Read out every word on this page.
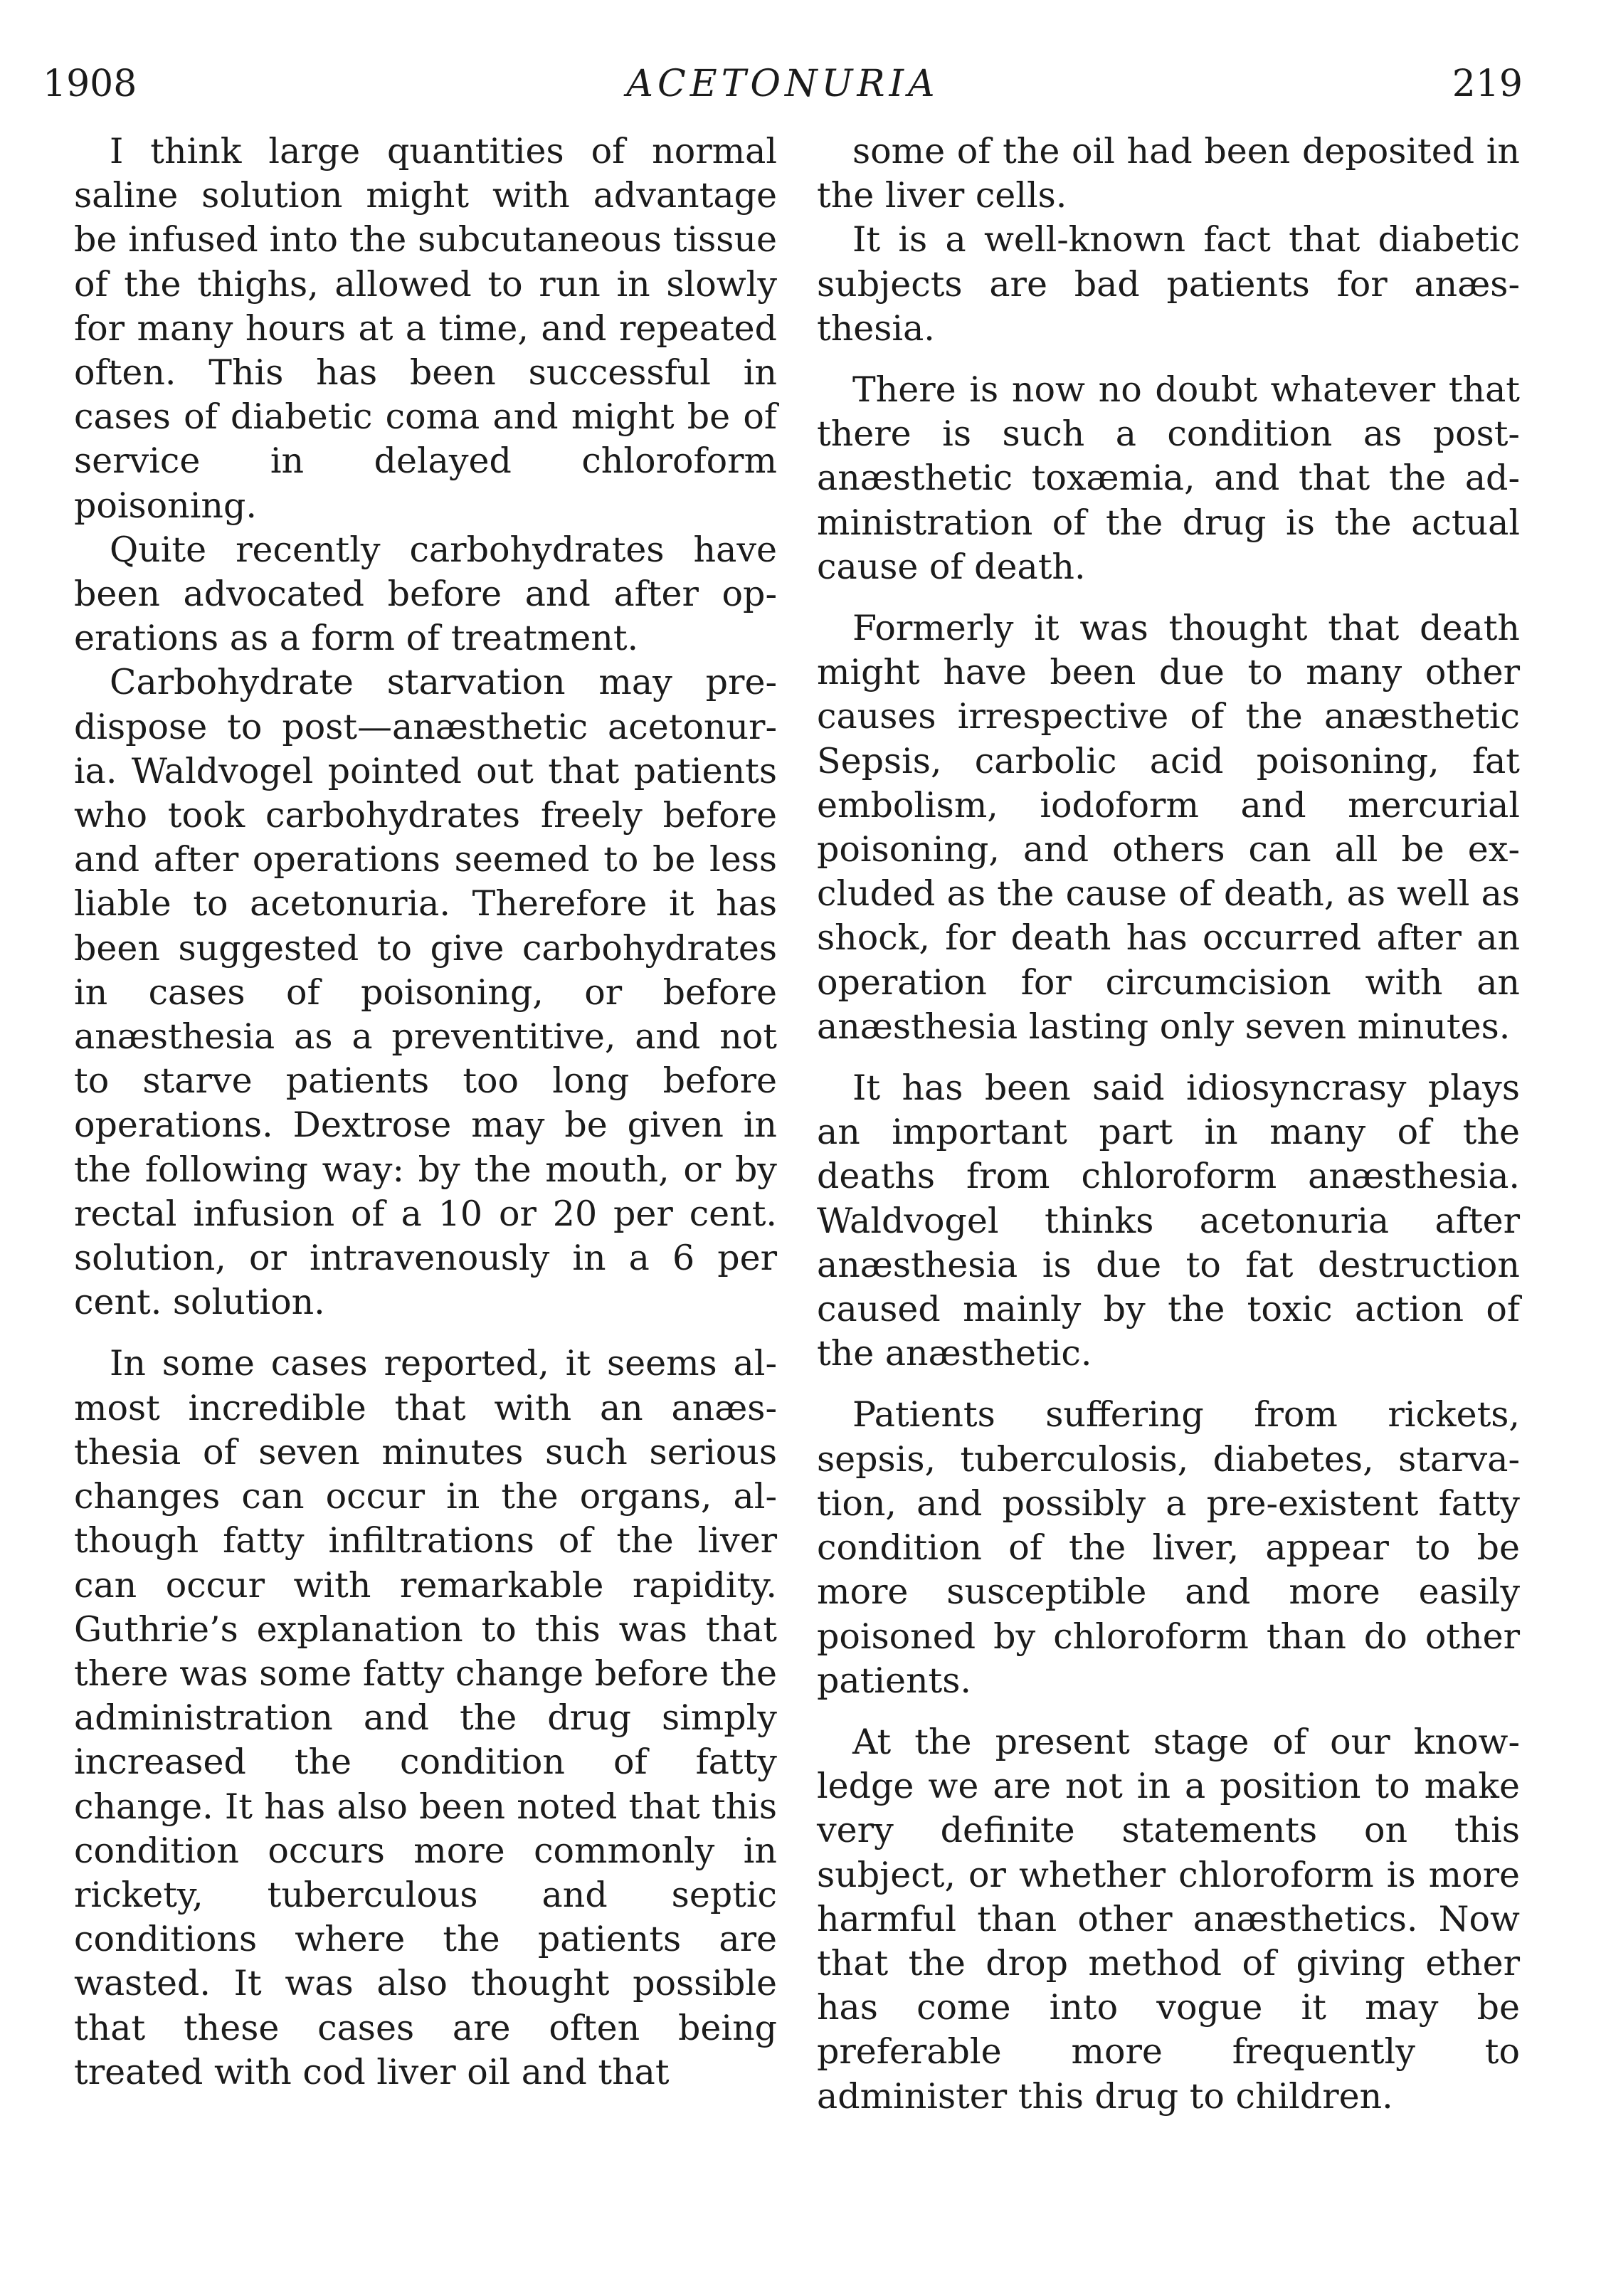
1908	ACETONURIA	219

I think large quantities of normal saline solution might with advantage be infused into the subcutaneous tissue of the thighs, allowed to run in slowly for many hours at a time, and repeated often. This has been successful in cases of diabetic coma and might be of service in delayed chloroform poisoning.

Quite recently carbohydrates have been advocated before and after operations as a form of treatment.

Carbohydrate starvation may predispose to post—anæsthetic acetonuria. Waldvogel pointed out that patients who took carbohydrates freely before and after operations seemed to be less liable to acetonuria. Therefore it has been suggested to give carbohydrates in cases of poisoning, or before anæsthesia as a preventitive, and not to starve patients too long before operations. Dextrose may be given in the following way: by the mouth, or by rectal infusion of a 10 or 20 per cent. solution, or intravenously in a 6 per cent. solution.

In some cases reported, it seems almost incredible that with an anæsthesia of seven minutes such serious changes can occur in the organs, although fatty infiltrations of the liver can occur with remarkable rapidity. Guthrie’s explanation to this was that there was some fatty change before the administration and the drug simply increased the condition of fatty change. It has also been noted that this condition occurs more commonly in rickety, tuberculous and septic conditions where the patients are wasted. It was also thought possible that these cases are often being treated with cod liver oil and that

some of the oil had been deposited in the liver cells.

It is a well-known fact that diabetic subjects are bad patients for anæsthesia.

There is now no doubt whatever that there is such a condition as post-anæsthetic toxæmia, and that the administration of the drug is the actual cause of death.

Formerly it was thought that death might have been due to many other causes irrespective of the anæsthetic Sepsis, carbolic acid poisoning, fat embolism, iodoform and mercurial poisoning, and others can all be excluded as the cause of death, as well as shock, for death has occurred after an operation for circumcision with an anæsthesia lasting only seven minutes.

It has been said idiosyncrasy plays an important part in many of the deaths from chloroform anæsthesia. Waldvogel thinks acetonuria after anæsthesia is due to fat destruction caused mainly by the toxic action of the anæsthetic.

Patients suffering from rickets, sepsis, tuberculosis, diabetes, starvation, and possibly a pre-existent fatty condition of the liver, appear to be more susceptible and more easily poisoned by chloroform than do other patients.

At the present stage of our knowledge we are not in a position to make very definite statements on this subject, or whether chloroform is more harmful than other anæsthetics. Now that the drop method of giving ether has come into vogue it may be preferable more frequently to administer this drug to children.
